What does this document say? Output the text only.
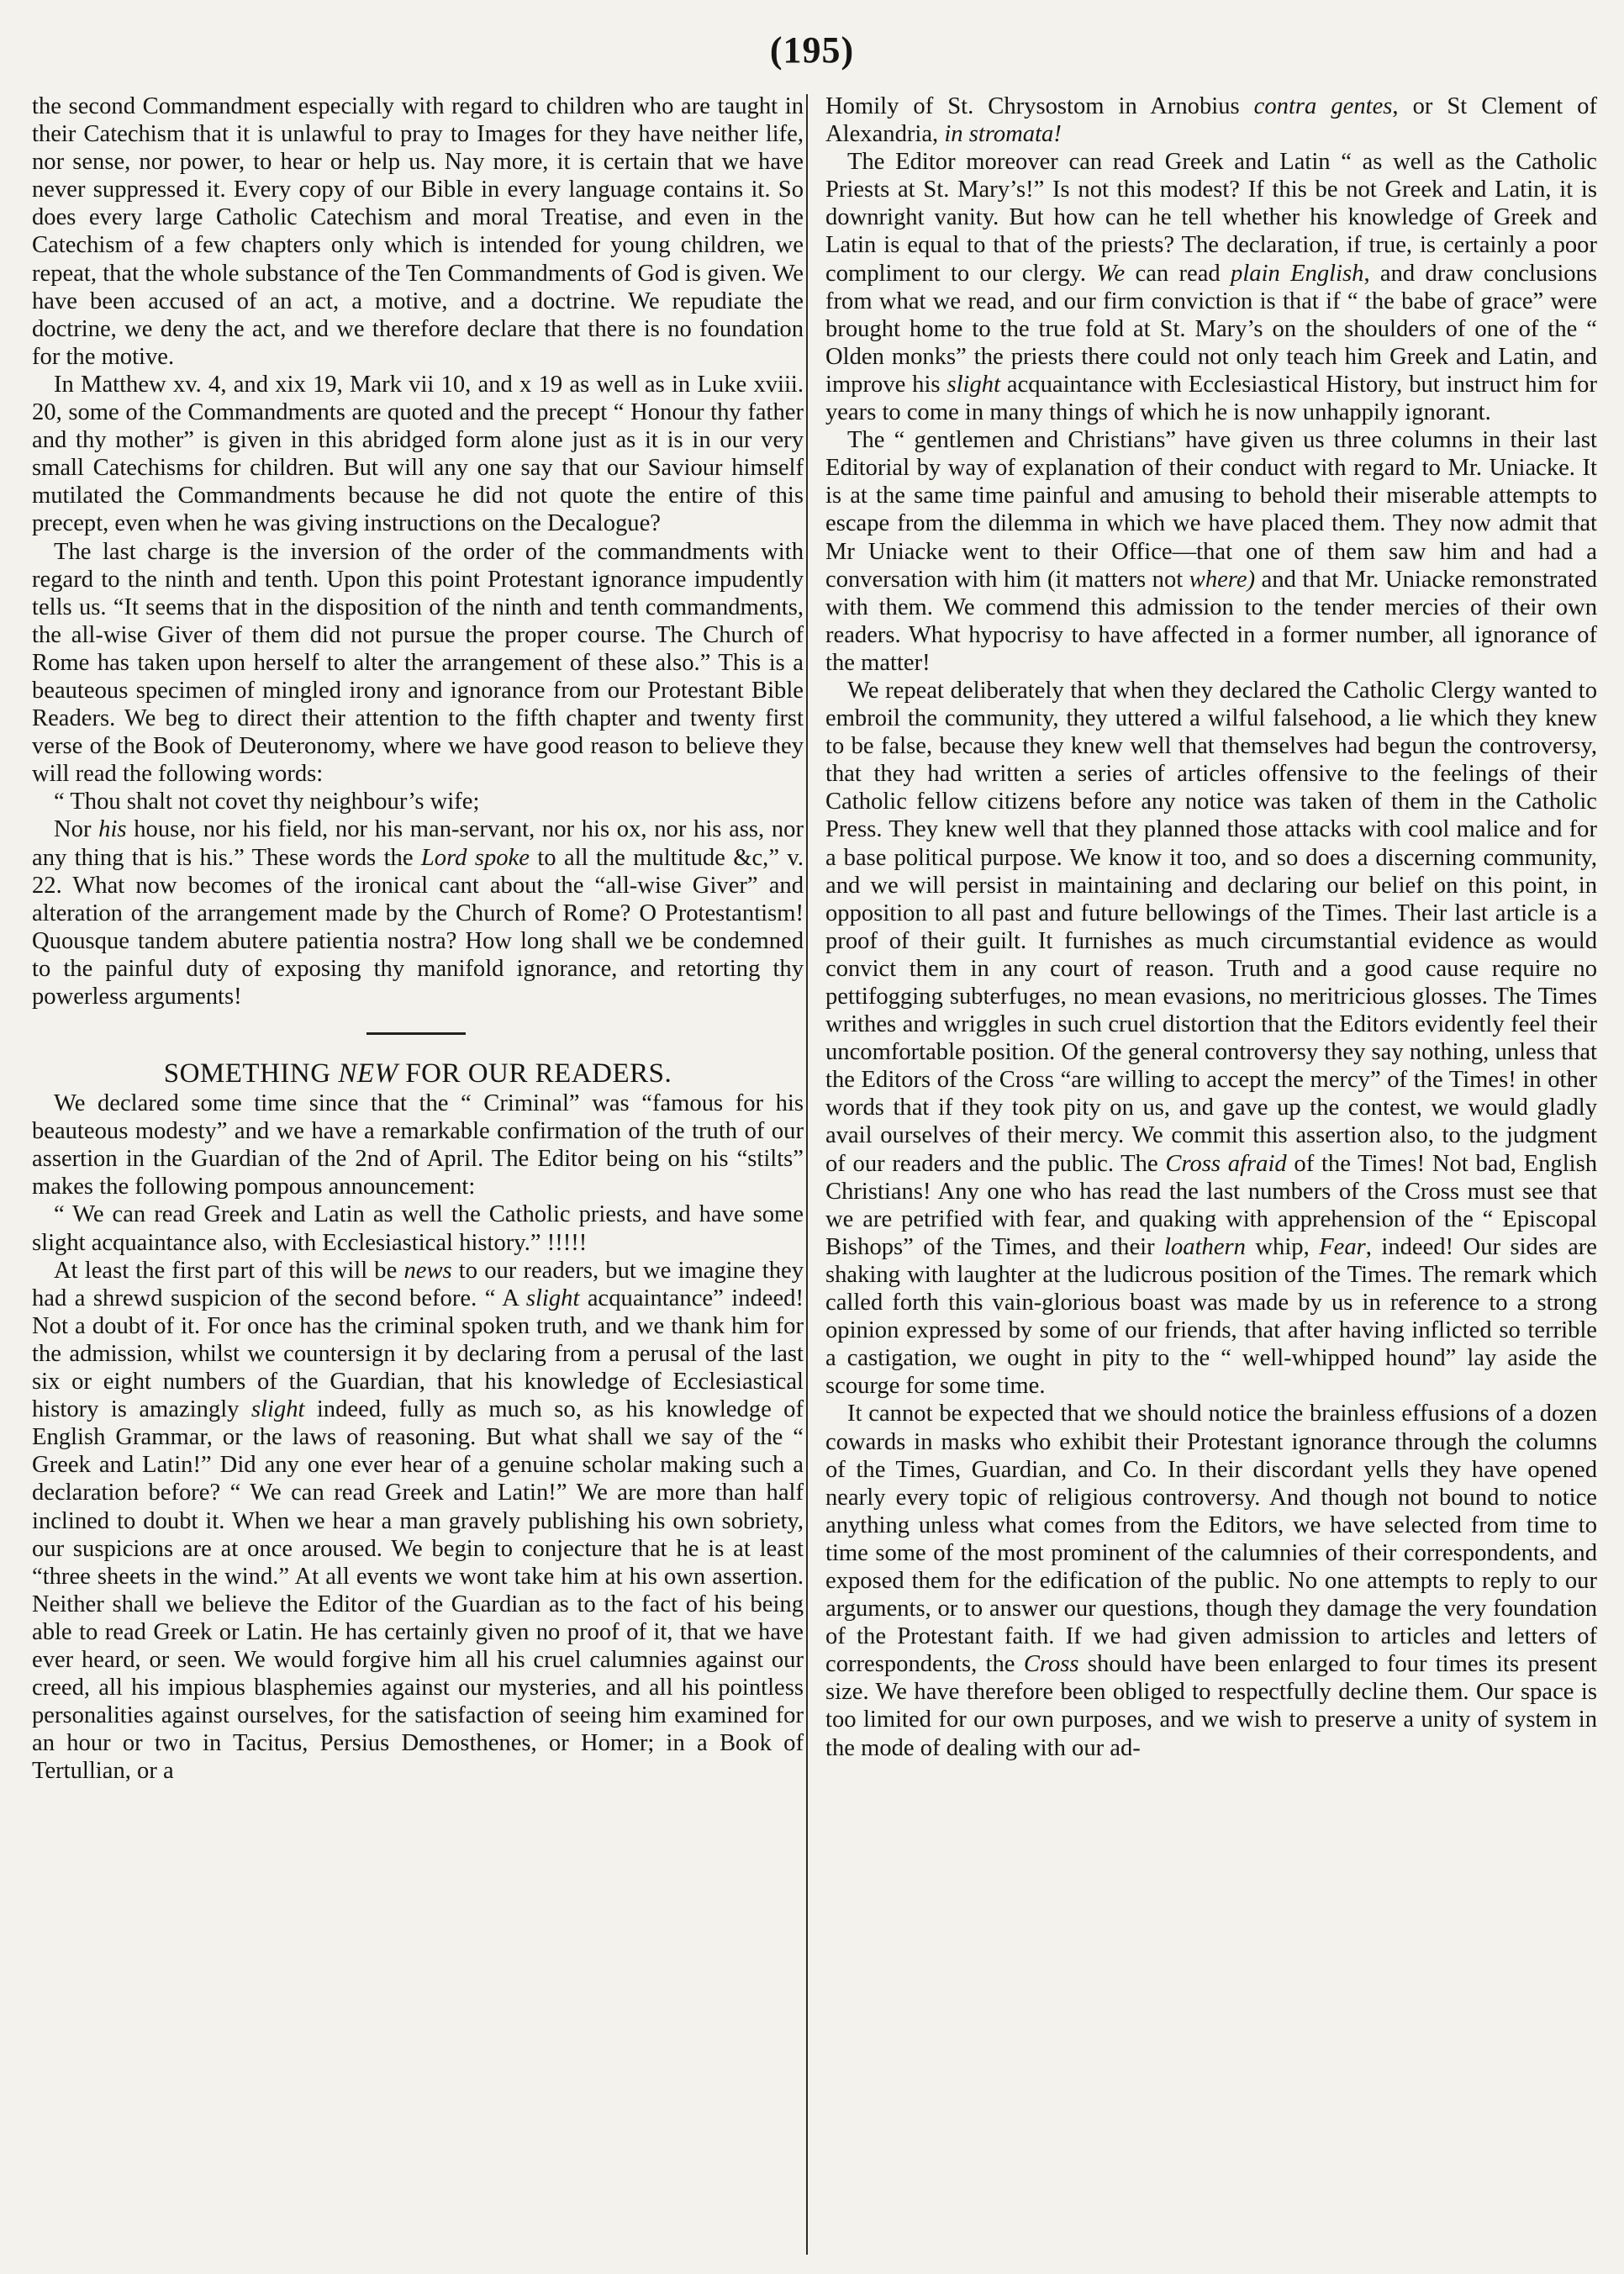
(195)

the second Commandment especially with regard to children who are taught in their Catechism that it is unlawful to pray to Images for they have neither life, nor sense, nor power, to hear or help us. Nay more, it is certain that we have never suppressed it. Every copy of our Bible in every language contains it. So does every large Catholic Catechism and moral Treatise, and even in the Catechism of a few chapters only which is intended for young children, we repeat, that the whole substance of the Ten Commandments of God is given. We have been accused of an act, a motive, and a doctrine. We repudiate the doctrine, we deny the act, and we therefore declare that there is no foundation for the motive.

In Matthew xv. 4, and xix 19, Mark vii 10, and x 19 as well as in Luke xviii. 20, some of the Commandments are quoted and the precept “ Honour thy father and thy mother” is given in this abridged form alone just as it is in our very small Catechisms for children. But will any one say that our Saviour himself mutilated the Commandments because he did not quote the entire of this precept, even when he was giving instructions on the Decalogue?

The last charge is the inversion of the order of the commandments with regard to the ninth and tenth. Upon this point Protestant ignorance impudently tells us. “It seems that in the disposition of the ninth and tenth commandments, the all-wise Giver of them did not pursue the proper course. The Church of Rome has taken upon herself to alter the arrangement of these also.” This is a beauteous specimen of mingled irony and ignorance from our Protestant Bible Readers. We beg to direct their attention to the fifth chapter and twenty first verse of the Book of Deuteronomy, where we have good reason to believe they will read the following words:

“ Thou shalt not covet thy neighbour’s wife;

Nor his house, nor his field, nor his man-servant, nor his ox, nor his ass, nor any thing that is his.” These words the Lord spoke to all the multitude &c,” v. 22. What now becomes of the ironical cant about the “all-wise Giver” and alteration of the arrangement made by the Church of Rome? O Protestantism! Quousque tandem abutere patientia nostra? How long shall we be condemned to the painful duty of exposing thy manifold ignorance, and retorting thy powerless arguments!

SOMETHING NEW FOR OUR READERS.

We declared some time since that the “ Criminal” was “famous for his beauteous modesty” and we have a remarkable confirmation of the truth of our assertion in the Guardian of the 2nd of April. The Editor being on his “stilts” makes the following pompous announcement:

“ We can read Greek and Latin as well the Catholic priests, and have some slight acquaintance also, with Ecclesiastical history.” !!!!!

At least the first part of this will be news to our readers, but we imagine they had a shrewd suspicion of the second before. “ A slight acquaintance” indeed! Not a doubt of it. For once has the criminal spoken truth, and we thank him for the admission, whilst we countersign it by declaring from a perusal of the last six or eight numbers of the Guardian, that his knowledge of Ecclesiastical history is amazingly slight indeed, fully as much so, as his knowledge of English Grammar, or the laws of reasoning. But what shall we say of the “ Greek and Latin!” Did any one ever hear of a genuine scholar making such a declaration before? “ We can read Greek and Latin!” We are more than half inclined to doubt it. When we hear a man gravely publishing his own sobriety, our suspicions are at once aroused. We begin to conjecture that he is at least “three sheets in the wind.” At all events we wont take him at his own assertion. Neither shall we believe the Editor of the Guardian as to the fact of his being able to read Greek or Latin. He has certainly given no proof of it, that we have ever heard, or seen. We would forgive him all his cruel calumnies against our creed, all his impious blasphemies against our mysteries, and all his pointless personalities against ourselves, for the satisfaction of seeing him examined for an hour or two in Tacitus, Persius Demosthenes, or Homer; in a Book of Tertullian, or a

Homily of St. Chrysostom in Arnobius contra gentes, or St Clement of Alexandria, in stromata!

The Editor moreover can read Greek and Latin “ as well as the Catholic Priests at St. Mary’s!” Is not this modest? If this be not Greek and Latin, it is downright vanity. But how can he tell whether his knowledge of Greek and Latin is equal to that of the priests? The declaration, if true, is certainly a poor compliment to our clergy. We can read plain English, and draw conclusions from what we read, and our firm conviction is that if “ the babe of grace” were brought home to the true fold at St. Mary’s on the shoulders of one of the “ Olden monks” the priests there could not only teach him Greek and Latin, and improve his slight acquaintance with Ecclesiastical History, but instruct him for years to come in many things of which he is now unhappily ignorant.

The “ gentlemen and Christians” have given us three columns in their last Editorial by way of explanation of their conduct with regard to Mr. Uniacke. It is at the same time painful and amusing to behold their miserable attempts to escape from the dilemma in which we have placed them. They now admit that Mr Uniacke went to their Office—that one of them saw him and had a conversation with him (it matters not where) and that Mr. Uniacke remonstrated with them. We commend this admission to the tender mercies of their own readers. What hypocrisy to have affected in a former number, all ignorance of the matter!

We repeat deliberately that when they declared the Catholic Clergy wanted to embroil the community, they uttered a wilful falsehood, a lie which they knew to be false, because they knew well that themselves had begun the controversy, that they had written a series of articles offensive to the feelings of their Catholic fellow citizens before any notice was taken of them in the Catholic Press. They knew well that they planned those attacks with cool malice and for a base political purpose. We know it too, and so does a discerning community, and we will persist in maintaining and declaring our belief on this point, in opposition to all past and future bellowings of the Times. Their last article is a proof of their guilt. It furnishes as much circumstantial evidence as would convict them in any court of reason. Truth and a good cause require no pettifogging subterfuges, no mean evasions, no meritricious glosses. The Times writhes and wriggles in such cruel distortion that the Editors evidently feel their uncomfortable position. Of the general controversy they say nothing, unless that the Editors of the Cross “are willing to accept the mercy” of the Times! in other words that if they took pity on us, and gave up the contest, we would gladly avail ourselves of their mercy. We commit this assertion also, to the judgment of our readers and the public. The Cross afraid of the Times! Not bad, English Christians! Any one who has read the last numbers of the Cross must see that we are petrified with fear, and quaking with apprehension of the “ Episcopal Bishops” of the Times, and their loathern whip, Fear, indeed! Our sides are shaking with laughter at the ludicrous position of the Times. The remark which called forth this vain-glorious boast was made by us in reference to a strong opinion expressed by some of our friends, that after having inflicted so terrible a castigation, we ought in pity to the “ well-whipped hound” lay aside the scourge for some time.

It cannot be expected that we should notice the brainless effusions of a dozen cowards in masks who exhibit their Protestant ignorance through the columns of the Times, Guardian, and Co. In their discordant yells they have opened nearly every topic of religious controversy. And though not bound to notice anything unless what comes from the Editors, we have selected from time to time some of the most prominent of the calumnies of their correspondents, and exposed them for the edification of the public. No one attempts to reply to our arguments, or to answer our questions, though they damage the very foundation of the Protestant faith. If we had given admission to articles and letters of correspondents, the Cross should have been enlarged to four times its present size. We have therefore been obliged to respectfully decline them. Our space is too limited for our own purposes, and we wish to preserve a unity of system in the mode of dealing with our ad-
